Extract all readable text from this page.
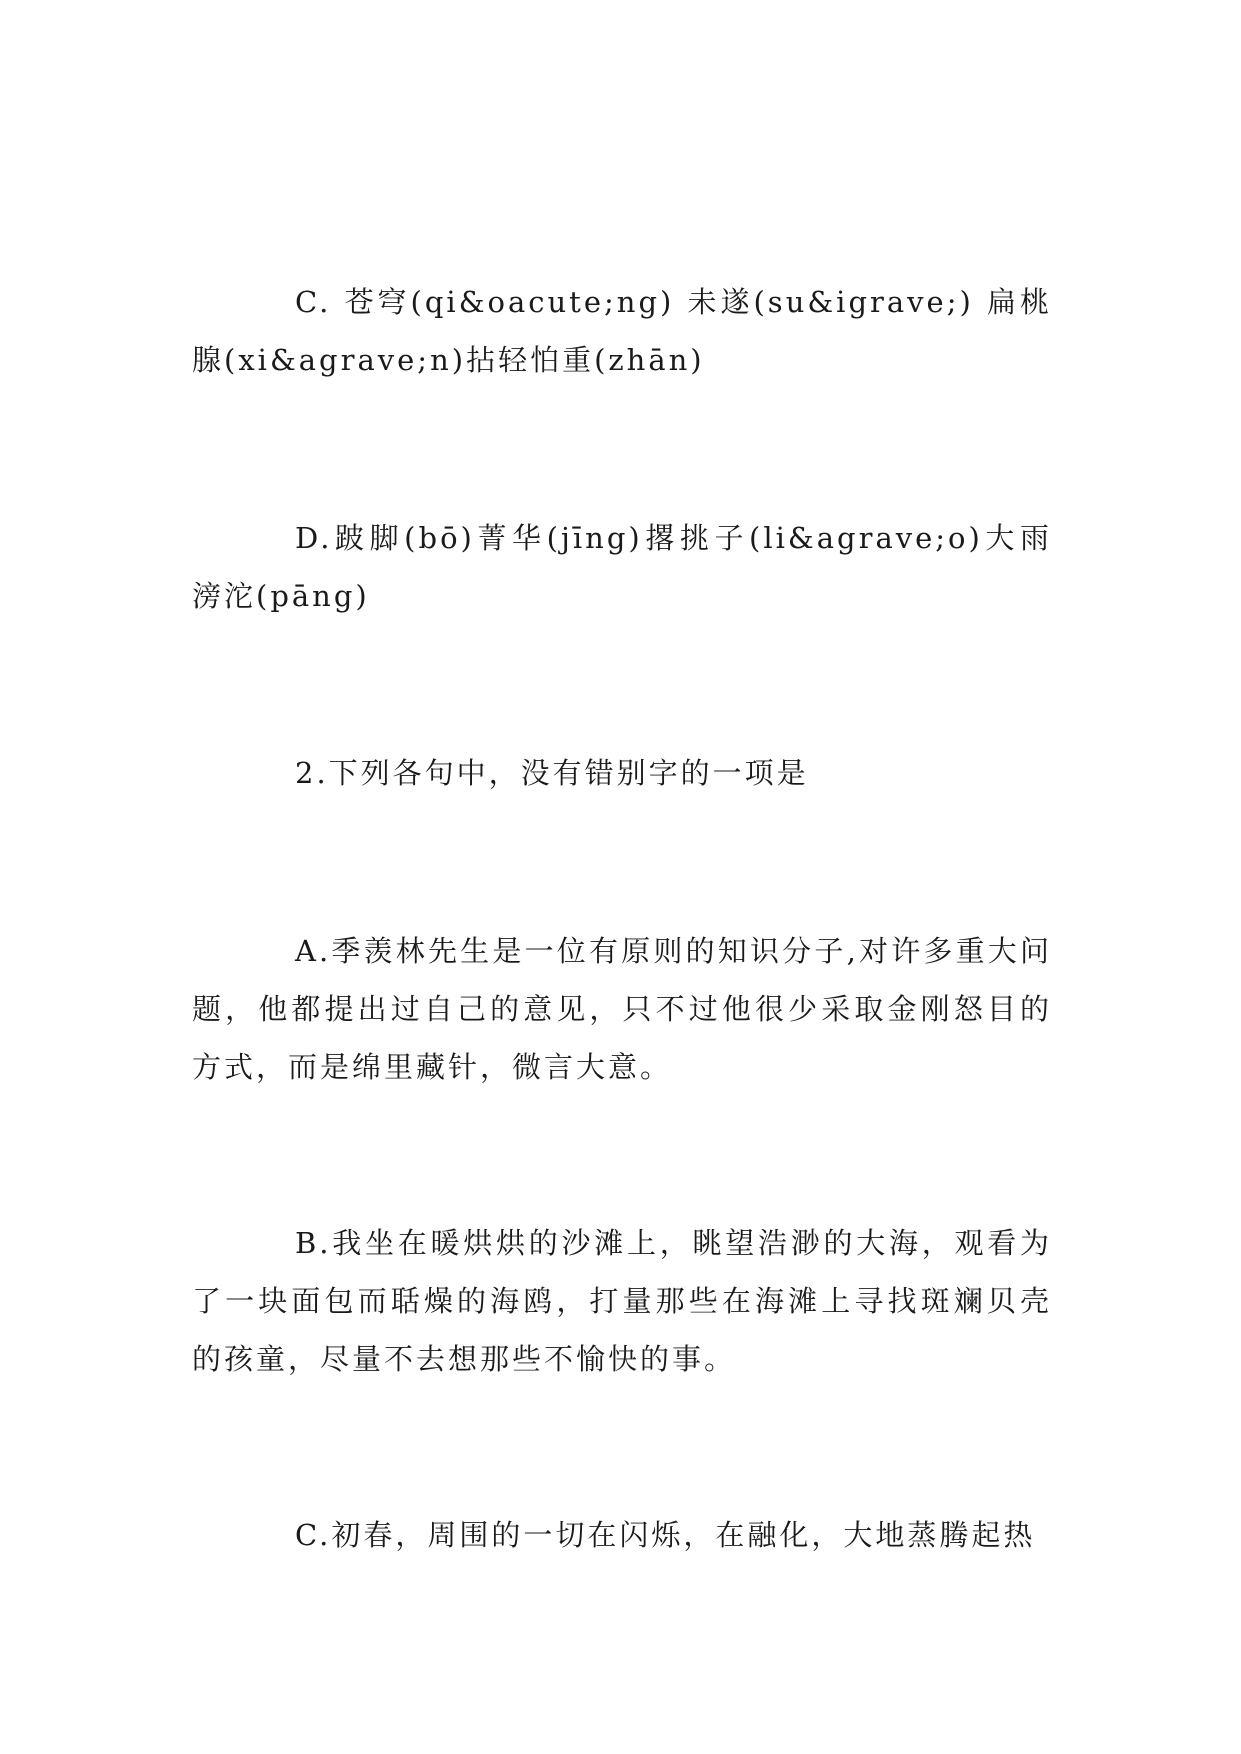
C. 苍穹(qi&oacute;ng) 未遂(su&igrave;) 扁桃腺(xi&agrave;n)拈轻怕重(zhān)

D.跛脚(bō)菁华(jīng)撂挑子(li&agrave;o)大雨滂沱(pāng)

2.下列各句中，没有错别字的一项是

A.季羡林先生是一位有原则的知识分子,对许多重大问题，他都提出过自己的意见，只不过他很少采取金刚怒目的方式，而是绵里藏针，微言大意。

B.我坐在暖烘烘的沙滩上，眺望浩渺的大海，观看为了一块面包而聒燥的海鸥，打量那些在海滩上寻找斑斓贝壳的孩童，尽量不去想那些不愉快的事。

C.初春，周围的一切在闪烁，在融化，大地蒸腾起热
